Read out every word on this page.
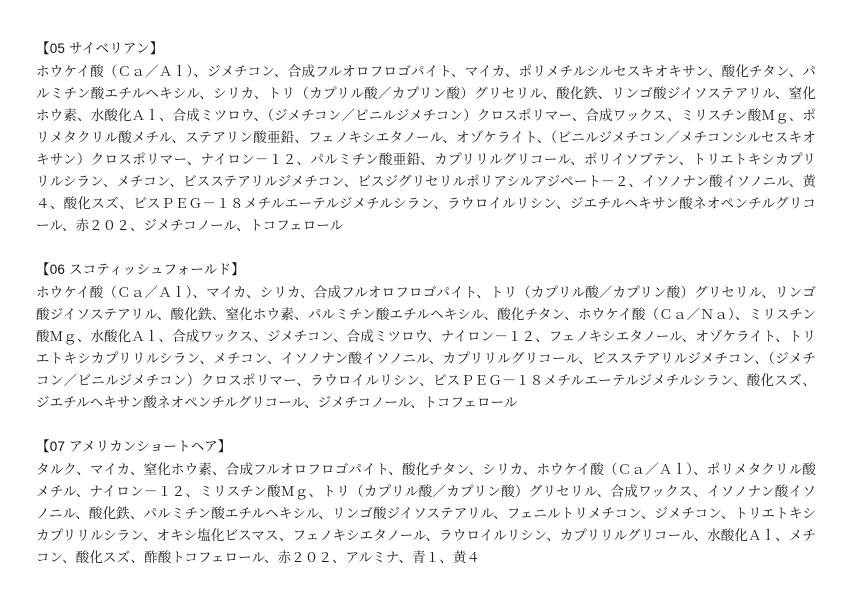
【05 サイベリアン】

ホウケイ酸（Ｃａ／Ａｌ）、ジメチコン、合成フルオロフロゴパイト、マイカ、ポリメチルシルセスキオキサン、酸化チタン、パルミチン酸エチルヘキシル、シリカ、トリ（カプリル酸／カプリン酸）グリセリル、酸化鉄、リンゴ酸ジイソステアリル、窒化ホウ素、水酸化Ａｌ、合成ミツロウ、（ジメチコン／ビニルジメチコン）クロスポリマー、合成ワックス、ミリスチン酸Ｍｇ、ポリメタクリル酸メチル、ステアリン酸亜鉛、フェノキシエタノール、オゾケライト、（ビニルジメチコン／メチコンシルセスキオキサン）クロスポリマー、ナイロン－１２、パルミチン酸亜鉛、カプリリルグリコール、ポリイソブテン、トリエトキシカプリリルシラン、メチコン、ビスステアリルジメチコン、ビスジグリセリルポリアシルアジペート－２、イソノナン酸イソノニル、黄４、酸化スズ、ビスＰＥＧ－１８メチルエーテルジメチルシラン、ラウロイルリシン、ジエチルヘキサン酸ネオペンチルグリコール、赤２０２、ジメチコノール、トコフェロール

【06 スコティッシュフォールド】

ホウケイ酸（Ｃａ／Ａｌ）、マイカ、シリカ、合成フルオロフロゴパイト、トリ（カプリル酸／カプリン酸）グリセリル、リンゴ酸ジイソステアリル、酸化鉄、窒化ホウ素、パルミチン酸エチルヘキシル、酸化チタン、ホウケイ酸（Ｃａ／Ｎａ）、ミリスチン酸Ｍｇ、水酸化Ａｌ、合成ワックス、ジメチコン、合成ミツロウ、ナイロン－１２、フェノキシエタノール、オゾケライト、トリエトキシカプリリルシラン、メチコン、イソノナン酸イソノニル、カプリリルグリコール、ビスステアリルジメチコン、（ジメチコン／ビニルジメチコン）クロスポリマー、ラウロイルリシン、ビスＰＥＧ－１８メチルエーテルジメチルシラン、酸化スズ、ジエチルヘキサン酸ネオペンチルグリコール、ジメチコノール、トコフェロール

【07 アメリカンショートヘア】

タルク、マイカ、窒化ホウ素、合成フルオロフロゴパイト、酸化チタン、シリカ、ホウケイ酸（Ｃａ／Ａｌ）、ポリメタクリル酸メチル、ナイロン－１２、ミリスチン酸Ｍｇ、トリ（カプリル酸／カプリン酸）グリセリル、合成ワックス、イソノナン酸イソノニル、酸化鉄、パルミチン酸エチルヘキシル、リンゴ酸ジイソステアリル、フェニルトリメチコン、ジメチコン、トリエトキシカプリリルシラン、オキシ塩化ビスマス、フェノキシエタノール、ラウロイルリシン、カプリリルグリコール、水酸化Ａｌ、メチコン、酸化スズ、酢酸トコフェロール、赤２０２、アルミナ、青１、黄４
